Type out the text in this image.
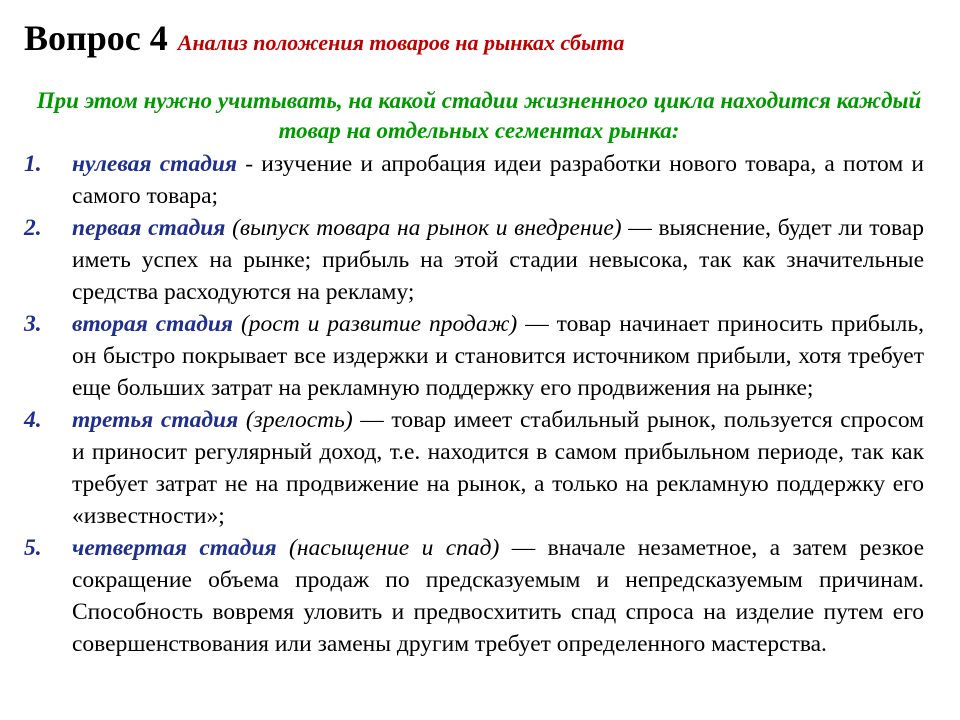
Вопрос 4 Анализ положения товаров на рынках сбыта
При этом нужно учитывать, на какой стадии жизненного цикла находится каждый товар на отдельных сегментах рынка:
1. нулевая стадия - изучение и апробация идеи разработки нового товара, а потом и самого товара;
2. первая стадия (выпуск товара на рынок и внедрение) — выяснение, будет ли товар иметь успех на рынке; прибыль на этой стадии невысока, так как значительные средства расходуются на рекламу;
3. вторая стадия (рост и развитие продаж) — товар начинает приносить прибыль, он быстро покрывает все издержки и становится источником прибыли, хотя требует еще больших затрат на рекламную поддержку его продвижения на рынке;
4. третья стадия (зрелость) — товар имеет стабильный рынок, пользуется спросом и приносит регулярный доход, т.е. находится в самом прибыльном периоде, так как требует затрат не на продвижение на рынок, а только на рекламную поддержку его «известности»;
5. четвертая стадия (насыщение и спад) — вначале незаметное, а затем резкое сокращение объема продаж по предсказуемым и непредсказуемым причинам. Способность вовремя уловить и предвосхитить спад спроса на изделие путем его совершенствования или замены другим требует определенного мастерства.
